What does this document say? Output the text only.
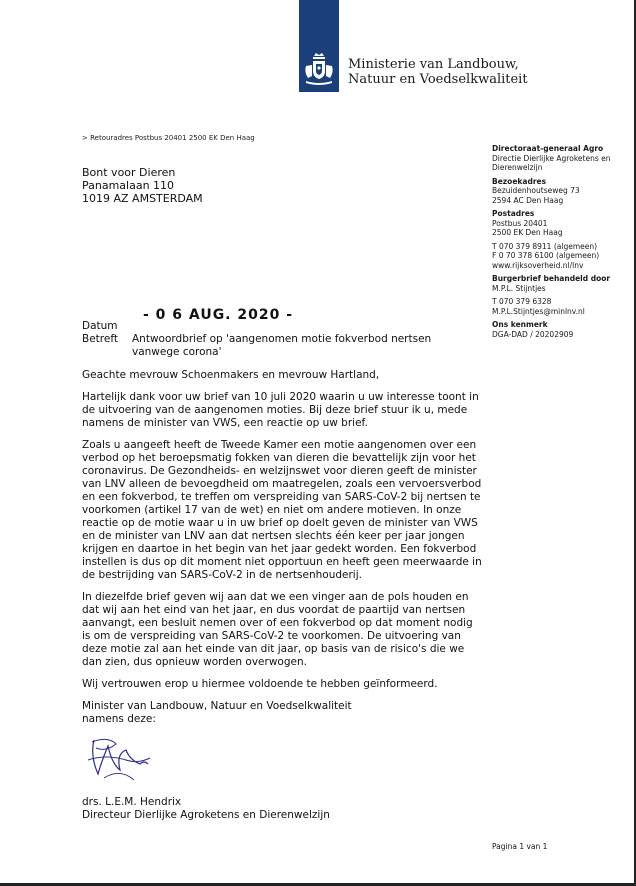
Ministerie van Landbouw,
Natuur en Voedselkwaliteit
> Retouradres Postbus 20401 2500 EK Den Haag
Bont voor Dieren
Panamalaan 110
1019 AZ AMSTERDAM
Directoraat-generaal Agro
Directie Dierlijke Agroketens en
Dierenwelzijn
Bezoekadres
Bezuidenhoutseweg 73
2594 AC Den Haag
Postadres
Postbus 20401
2500 EK Den Haag
T 070 379 8911 (algemeen)
F 0 70 378 6100 (algemeen)
www.rijksoverheid.nl/lnv
Burgerbrief behandeld door
M.P.L. Stijntjes
T 070 379 6328
M.P.L.Stijntjes@minlnv.nl
Ons kenmerk
DGA-DAD / 20202909
- 0 6 AUG. 2020 -
Datum
Betreft Antwoordbrief op 'aangenomen motie fokverbod nertsen vanwege corona'

Geachte mevrouw Schoenmakers en mevrouw Hartland,

Hartelijk dank voor uw brief van 10 juli 2020 waarin u uw interesse toont in de uitvoering van de aangenomen moties. Bij deze brief stuur ik u, mede namens de minister van VWS, een reactie op uw brief.

Zoals u aangeeft heeft de Tweede Kamer een motie aangenomen over een verbod op het beroepsmatig fokken van dieren die bevattelijk zijn voor het coronavirus. De Gezondheids- en welzijnswet voor dieren geeft de minister van LNV alleen de bevoegdheid om maatregelen, zoals een vervoersverbod en een fokverbod, te treffen om verspreiding van SARS-CoV-2 bij nertsen te voorkomen (artikel 17 van de wet) en niet om andere motieven. In onze reactie op de motie waar u in uw brief op doelt geven de minister van VWS en de minister van LNV aan dat nertsen slechts één keer per jaar jongen krijgen en daartoe in het begin van het jaar gedekt worden. Een fokverbod instellen is dus op dit moment niet opportuun en heeft geen meerwaarde in de bestrijding van SARS-CoV-2 in de nertsenhouderij.

In diezelfde brief geven wij aan dat we een vinger aan de pols houden en dat wij aan het eind van het jaar, en dus voordat de paartijd van nertsen aanvangt, een besluit nemen over of een fokverbod op dat moment nodig is om de verspreiding van SARS-CoV-2 te voorkomen. De uitvoering van deze motie zal aan het einde van dit jaar, op basis van de risico's die we dan zien, dus opnieuw worden overwogen.

Wij vertrouwen erop u hiermee voldoende te hebben geïnformeerd.

Minister van Landbouw, Natuur en Voedselkwaliteit
namens deze:
drs. L.E.M. Hendrix
Directeur Dierlijke Agroketens en Dierenwelzijn
Pagina 1 van 1
